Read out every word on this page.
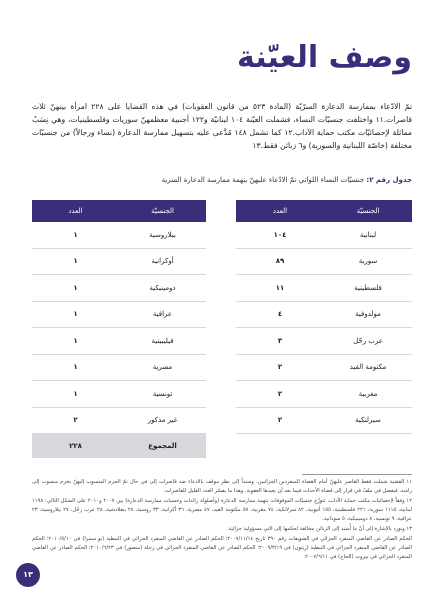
وصف العيّنة

تمّ الادّعاء بممارسة الدعارة السرّيّة (المادة ٥٢٣ من قانون العقوبات) في هذه القضايا على ٢٢٨ امرأة بينهنّ ثلاث قاصرات.١١ واختلفت جنسيّات النساء، فشملت العيّنة ١٠٤ لبنانيّة و١٢٢ أجنبية معظمهنّ سوريات وفلسطينيات، وهي نِسَبٌ مماثلة لإحصائيّات مكتب حماية الآداب.١٢ كما تشمل ١٤٨ مُدَّعى عليه بتسهيل ممارسة الدعارة (نساء ورجالاً) من جنسيّات مختلفة (خاصّة اللبنانية والسورية) و٦ زبائن فقط.١٣

جدول رقم ٢: جنسيّات النساء اللواتي تمّ الادّعاء عليهنّ بتهمة ممارسة الدعارة السرية

الجنسيّة	العدد
لبنانية	١٠٤
سورية	٨٩
فلسطينية	١١
مولدوفية	٤
عرب رحّل	٣
مكتومة القيد	٢
مغربية	٢
سيرلنكية	٢
الجنسيّة	العدد
بيلاروسية	١
أوكرانية	١
دومينيكية	١
عراقية	١
فيليبينية	١
مصرية	١
تونسية	١
غير مذكور	٢
المجموع	٢٢٨

١١ القضية شملت فقط القاصر عليهنّ أمام القضاة المنفردين الجزائيين. وسنداً إلى نظر موقف بالادعاء ضد قاصرات إلى في حال تمّ الجرم المنسوب إليهنّ بجرم منسوب إلى راشد، فيفصل في ملفّ في قرار إلى قضاة الأحداث فيما بعد أن يعيدها العقوبة. وهذا ما يفسّر العدد القليل للقاصرات.

١٢ وفقاً لإحصائيات مكتب حماية الآداب، تتوزّع جنسيّات الموقوفات بتهمة ممارسة الدعارة (وأصلولة رائدات وحسبات ممارسة الدعارة) بين ٢٠٠٧ و٢٠١٠ على الشكل التالي: ١١٩٨ لبنانية، ١١١٥ سورية، ٢٢١ فلسطينية، ١٥٥ أثيوبية، ٨٢ سرلانكية، ٧٤ مغربية، ٥٧ مكتومة القيد، ٤٧ مصرية، ٣٦ أكرانية، ٣٣ روسية، ٢٨ بنغلادشية، ٢٨ عرب رحّل، ٢٧ بيلاروسية، ٢٣ عراقية، ٩ تونسية، ٨ دومينيكية، ٥ سودانية.

١٣ ونورد بالإشارة إلى أنّ ما أُسند إلى الزبائن مخالفة لحكمها إلى التي مسؤولية جزائية.

الحكم الصادر عن القاضي المنفرد الجزائي في الشويفات رقم ٣٩٠ تاريخ ٢٠٠٧/١١/١٤؛ الحكم الصادر عن القاضي المنفرد الجزائي في النبطية (بو سمرا) في ٢٠١٠/٥/١٠؛ الحكم الصادر عن القاضي المنفرد الجزائي في النبطية (زيتون) في ٢٠٠٩/٣/١٩؛ الحكم الصادر عن القاضي المنفرد الجزائي في زحلة (منصور) في ٢٠١٠/٦/٢٣؛ الحكم الصادر عن القاضي المنفرد الجزائي في بيروت (الحاج) في ٢٠٠٧/٦/١١.

١٣
